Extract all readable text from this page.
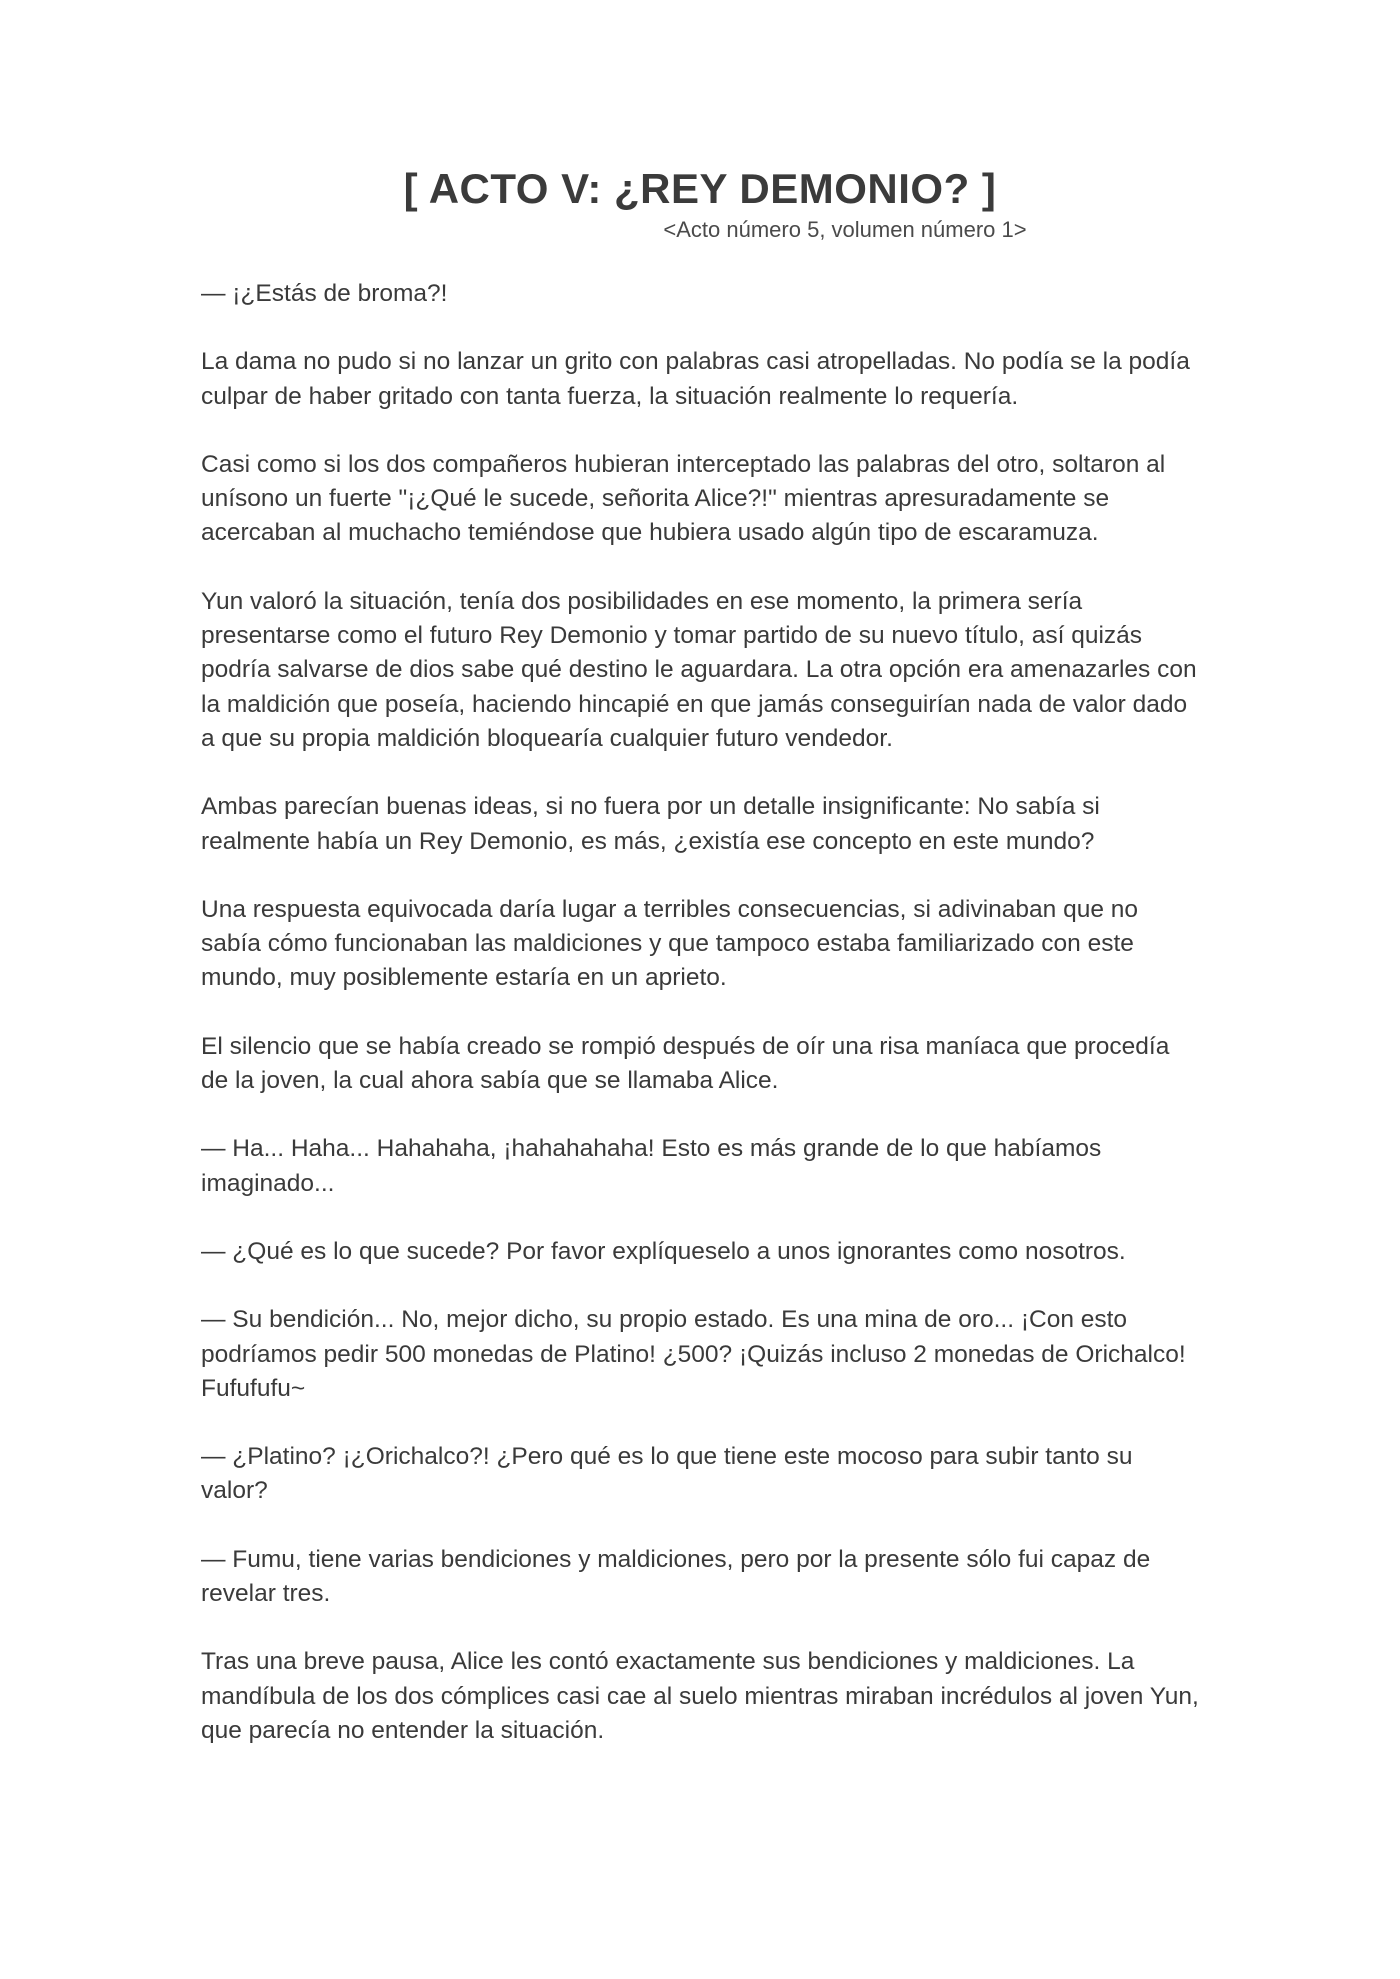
[ ACTO V: ¿REY DEMONIO? ]
<Acto número 5, volumen número 1>

— ¡¿Estás de broma?!

La dama no pudo si no lanzar un grito con palabras casi atropelladas. No podía se la podía culpar de haber gritado con tanta fuerza, la situación realmente lo requería.

Casi como si los dos compañeros hubieran interceptado las palabras del otro, soltaron al unísono un fuerte "¡¿Qué le sucede, señorita Alice?!" mientras apresuradamente se acercaban al muchacho temiéndose que hubiera usado algún tipo de escaramuza.

Yun valoró la situación, tenía dos posibilidades en ese momento, la primera sería presentarse como el futuro Rey Demonio y tomar partido de su nuevo título, así quizás podría salvarse de dios sabe qué destino le aguardara. La otra opción era amenazarles con la maldición que poseía, haciendo hincapié en que jamás conseguirían nada de valor dado a que su propia maldición bloquearía cualquier futuro vendedor.

Ambas parecían buenas ideas, si no fuera por un detalle insignificante: No sabía si realmente había un Rey Demonio, es más, ¿existía ese concepto en este mundo?

Una respuesta equivocada daría lugar a terribles consecuencias, si adivinaban que no sabía cómo funcionaban las maldiciones y que tampoco estaba familiarizado con este mundo, muy posiblemente estaría en un aprieto.

El silencio que se había creado se rompió después de oír una risa maníaca que procedía de la joven, la cual ahora sabía que se llamaba Alice.

— Ha... Haha... Hahahaha, ¡hahahahaha! Esto es más grande de lo que habíamos imaginado...

— ¿Qué es lo que sucede? Por favor explíqueselo a unos ignorantes como nosotros.

— Su bendición... No, mejor dicho, su propio estado. Es una mina de oro... ¡Con esto podríamos pedir 500 monedas de Platino! ¿500? ¡Quizás incluso 2 monedas de Orichalco! Fufufufu~

— ¿Platino? ¡¿Orichalco?! ¿Pero qué es lo que tiene este mocoso para subir tanto su valor?

— Fumu, tiene varias bendiciones y maldiciones, pero por la presente sólo fui capaz de revelar tres.

Tras una breve pausa, Alice les contó exactamente sus bendiciones y maldiciones. La mandíbula de los dos cómplices casi cae al suelo mientras miraban incrédulos al joven Yun, que parecía no entender la situación.
